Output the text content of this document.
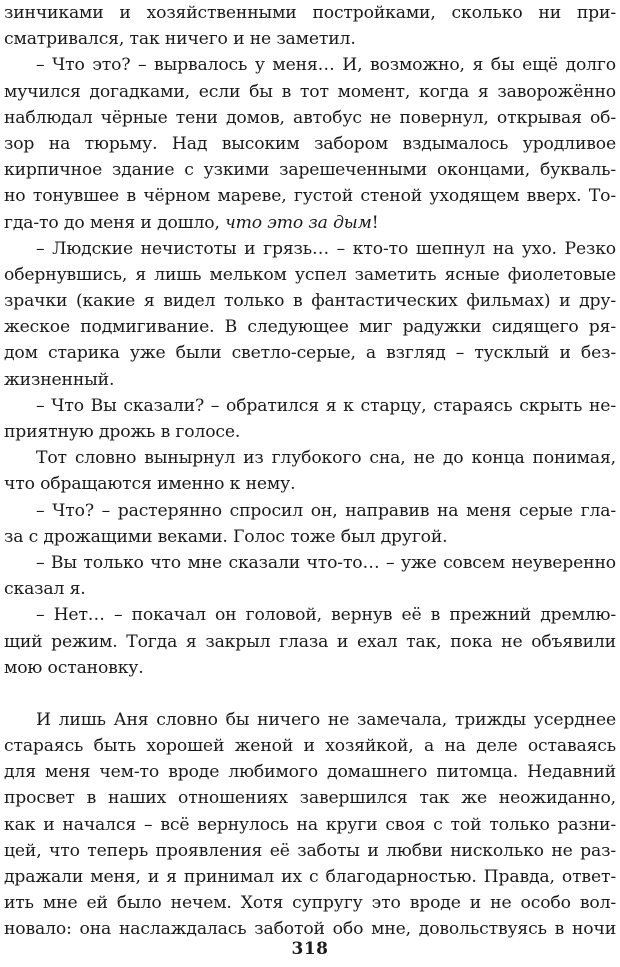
зинчиками и хозяйственными постройками, сколько ни при-
сматривался, так ничего и не заметил.
– Что это? – вырвалось у меня… И, возможно, я бы ещё долго
мучился догадками, если бы в тот момент, когда я заворожённо
наблюдал чёрные тени домов, автобус не повернул, открывая об-
зор на тюрьму. Над высоким забором вздымалось уродливое
кирпичное здание с узкими зарешеченными оконцами, букваль-
но тонувшее в чёрном мареве, густой стеной уходящем вверх. То-
гда-то до меня и дошло, что это за дым!
– Людские нечистоты и грязь… – кто-то шепнул на ухо. Резко
обернувшись, я лишь мельком успел заметить ясные фиолетовые
зрачки (какие я видел только в фантастических фильмах) и дру-
жеское подмигивание. В следующее миг радужки сидящего ря-
дом старика уже были светло-серые, а взгляд – тусклый и без-
жизненный.
– Что Вы сказали? – обратился я к старцу, стараясь скрыть не-
приятную дрожь в голосе.
Тот словно вынырнул из глубокого сна, не до конца понимая,
что обращаются именно к нему.
– Что? – растерянно спросил он, направив на меня серые гла-
за с дрожащими веками. Голос тоже был другой.
– Вы только что мне сказали что-то… – уже совсем неуверенно
сказал я.
– Нет… – покачал он головой, вернув её в прежний дремлю-
щий режим. Тогда я закрыл глаза и ехал так, пока не объявили
мою остановку.
И лишь Аня словно бы ничего не замечала, трижды усерднее
стараясь быть хорошей женой и хозяйкой, а на деле оставаясь
для меня чем-то вроде любимого домашнего питомца. Недавний
просвет в наших отношениях завершился так же неожиданно,
как и начался – всё вернулось на круги своя с той только разни-
цей, что теперь проявления её заботы и любви нисколько не раз-
дражали меня, и я принимал их с благодарностью. Правда, ответ-
ить мне ей было нечем. Хотя супругу это вроде и не особо вол-
новало: она наслаждалась заботой обо мне, довольствуясь в ночи
318
